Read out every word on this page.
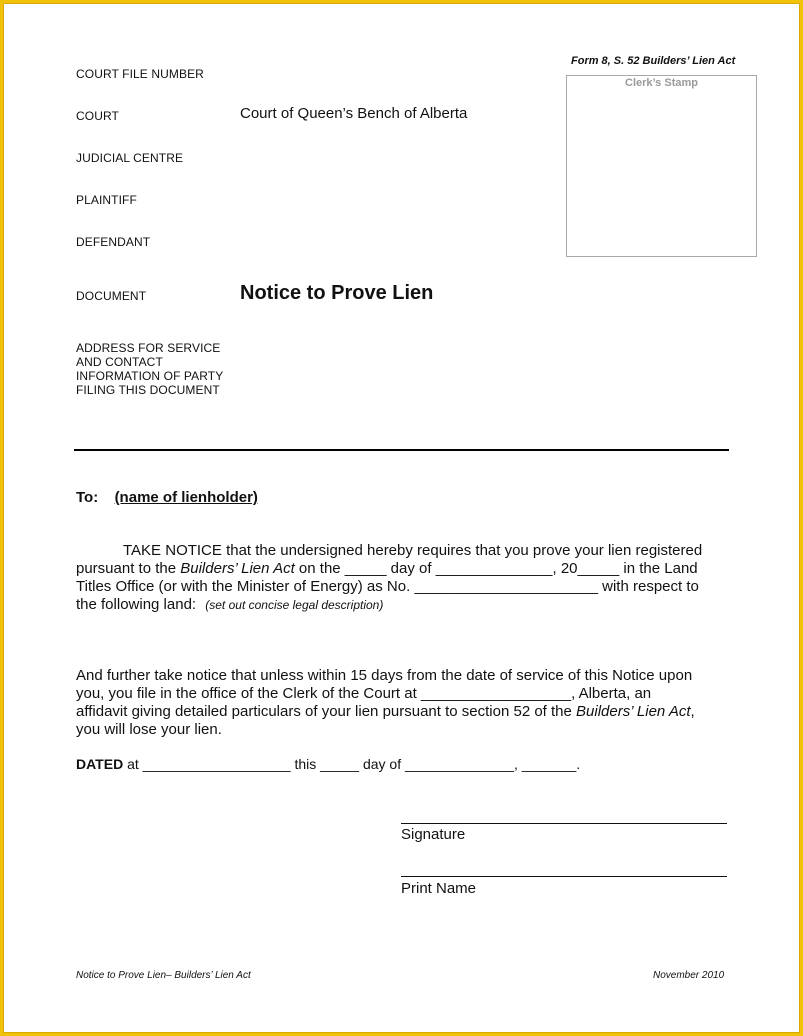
Form 8, S. 52 Builders’ Lien Act
Clerk’s Stamp
COURT FILE NUMBER
COURT	Court of Queen’s Bench of Alberta
JUDICIAL CENTRE
PLAINTIFF
DEFENDANT
DOCUMENT	Notice to Prove Lien
ADDRESS FOR SERVICE
AND CONTACT
INFORMATION OF PARTY
FILING THIS DOCUMENT
To: (name of lienholder)
TAKE NOTICE that the undersigned hereby requires that you prove your lien registered
pursuant to the Builders’ Lien Act on the _____ day of ______________, 20_____ in the Land
Titles Office (or with the Minister of Energy) as No. ______________________ with respect to
the following land: (set out concise legal description)
And further take notice that unless within 15 days from the date of service of this Notice upon
you, you file in the office of the Clerk of the Court at __________________, Alberta, an
affidavit giving detailed particulars of your lien pursuant to section 52 of the Builders’ Lien Act,
you will lose your lien.
DATED at ___________________ this _____ day of ______________, _______.
Signature
Print Name
Notice to Prove Lien– Builders’ Lien Act	November 2010
